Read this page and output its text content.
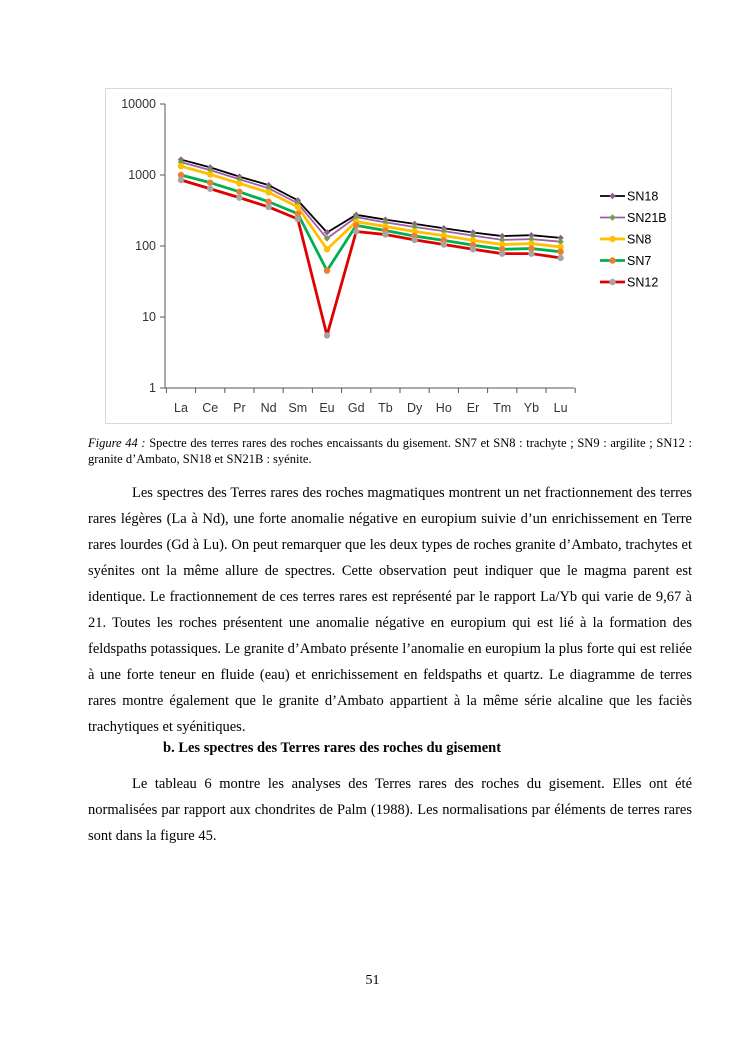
1
10
100
1000
10000
La Ce Pr Nd Sm Eu Gd Tb Dy Ho Er Tm Yb Lu
SN18
SN21B
SN8
SN7
SN12
Figure 44 : Spectre des terres rares des roches encaissants du gisement. SN7 et SN8 : trachyte ; SN9 : argilite ; SN12 : granite d’Ambato, SN18 et SN21B : syénite.

Les spectres des Terres rares des roches magmatiques montrent un net fractionnement des terres rares légères (La à Nd), une forte anomalie négative en europium suivie d’un enrichissement en Terre rares lourdes (Gd à Lu). On peut remarquer que les deux types de roches granite d’Ambato, trachytes et syénites ont la même allure de spectres. Cette observation peut indiquer que le magma parent est identique. Le fractionnement de ces terres rares est représenté par le rapport La/Yb qui varie de 9,67 à 21. Toutes les roches présentent une anomalie négative en europium qui est lié à la formation des feldspaths potassiques. Le granite d’Ambato présente l’anomalie en europium la plus forte qui est reliée à une forte teneur en fluide (eau) et enrichissement en feldspaths et quartz. Le diagramme de terres rares montre également que le granite d’Ambato appartient à la même série alcaline que les faciès trachytiques et syénitiques.

b. Les spectres des Terres rares des roches du gisement

Le tableau 6 montre les analyses des Terres rares des roches du gisement. Elles ont été normalisées par rapport aux chondrites de Palm (1988). Les normalisations par éléments de terres rares sont dans la figure 45.

51
